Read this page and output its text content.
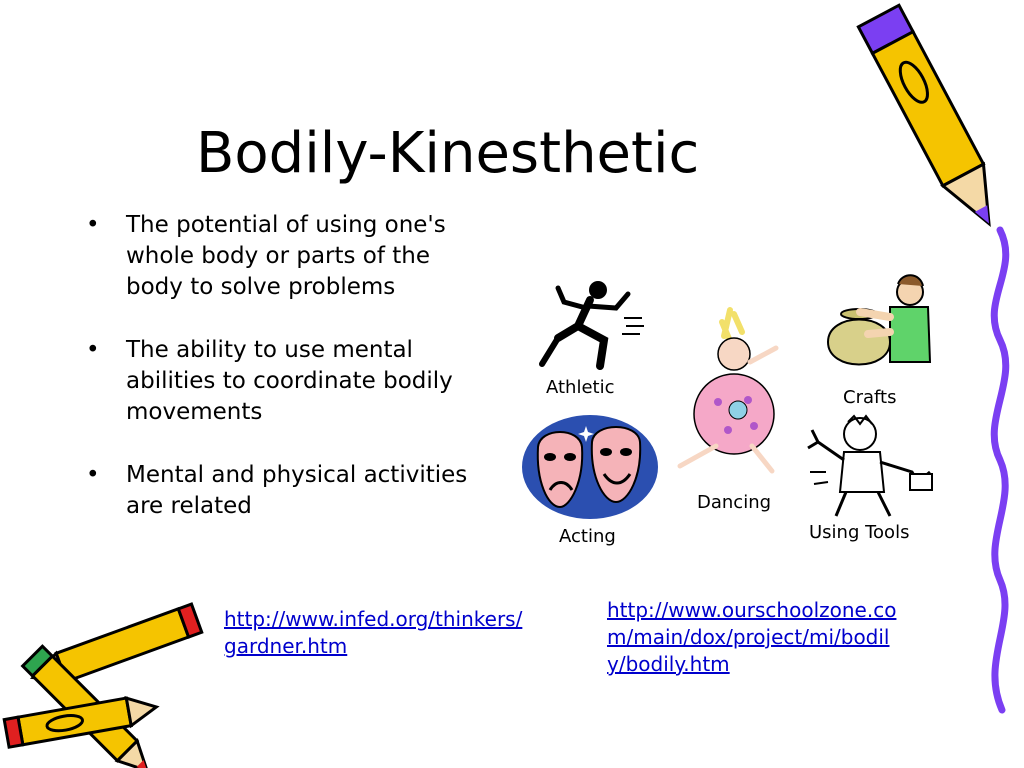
Bodily-Kinesthetic
• The potential of using one's whole body or parts of the body to solve problems
• The ability to use mental abilities to coordinate bodily movements
• Mental and physical activities are related
Athletic	Crafts
Dancing
Acting	Using Tools
http://www.infed.org/thinkers/gardner.htm
http://www.ourschoolzone.com/main/dox/project/mi/bodily/bodily.htm
